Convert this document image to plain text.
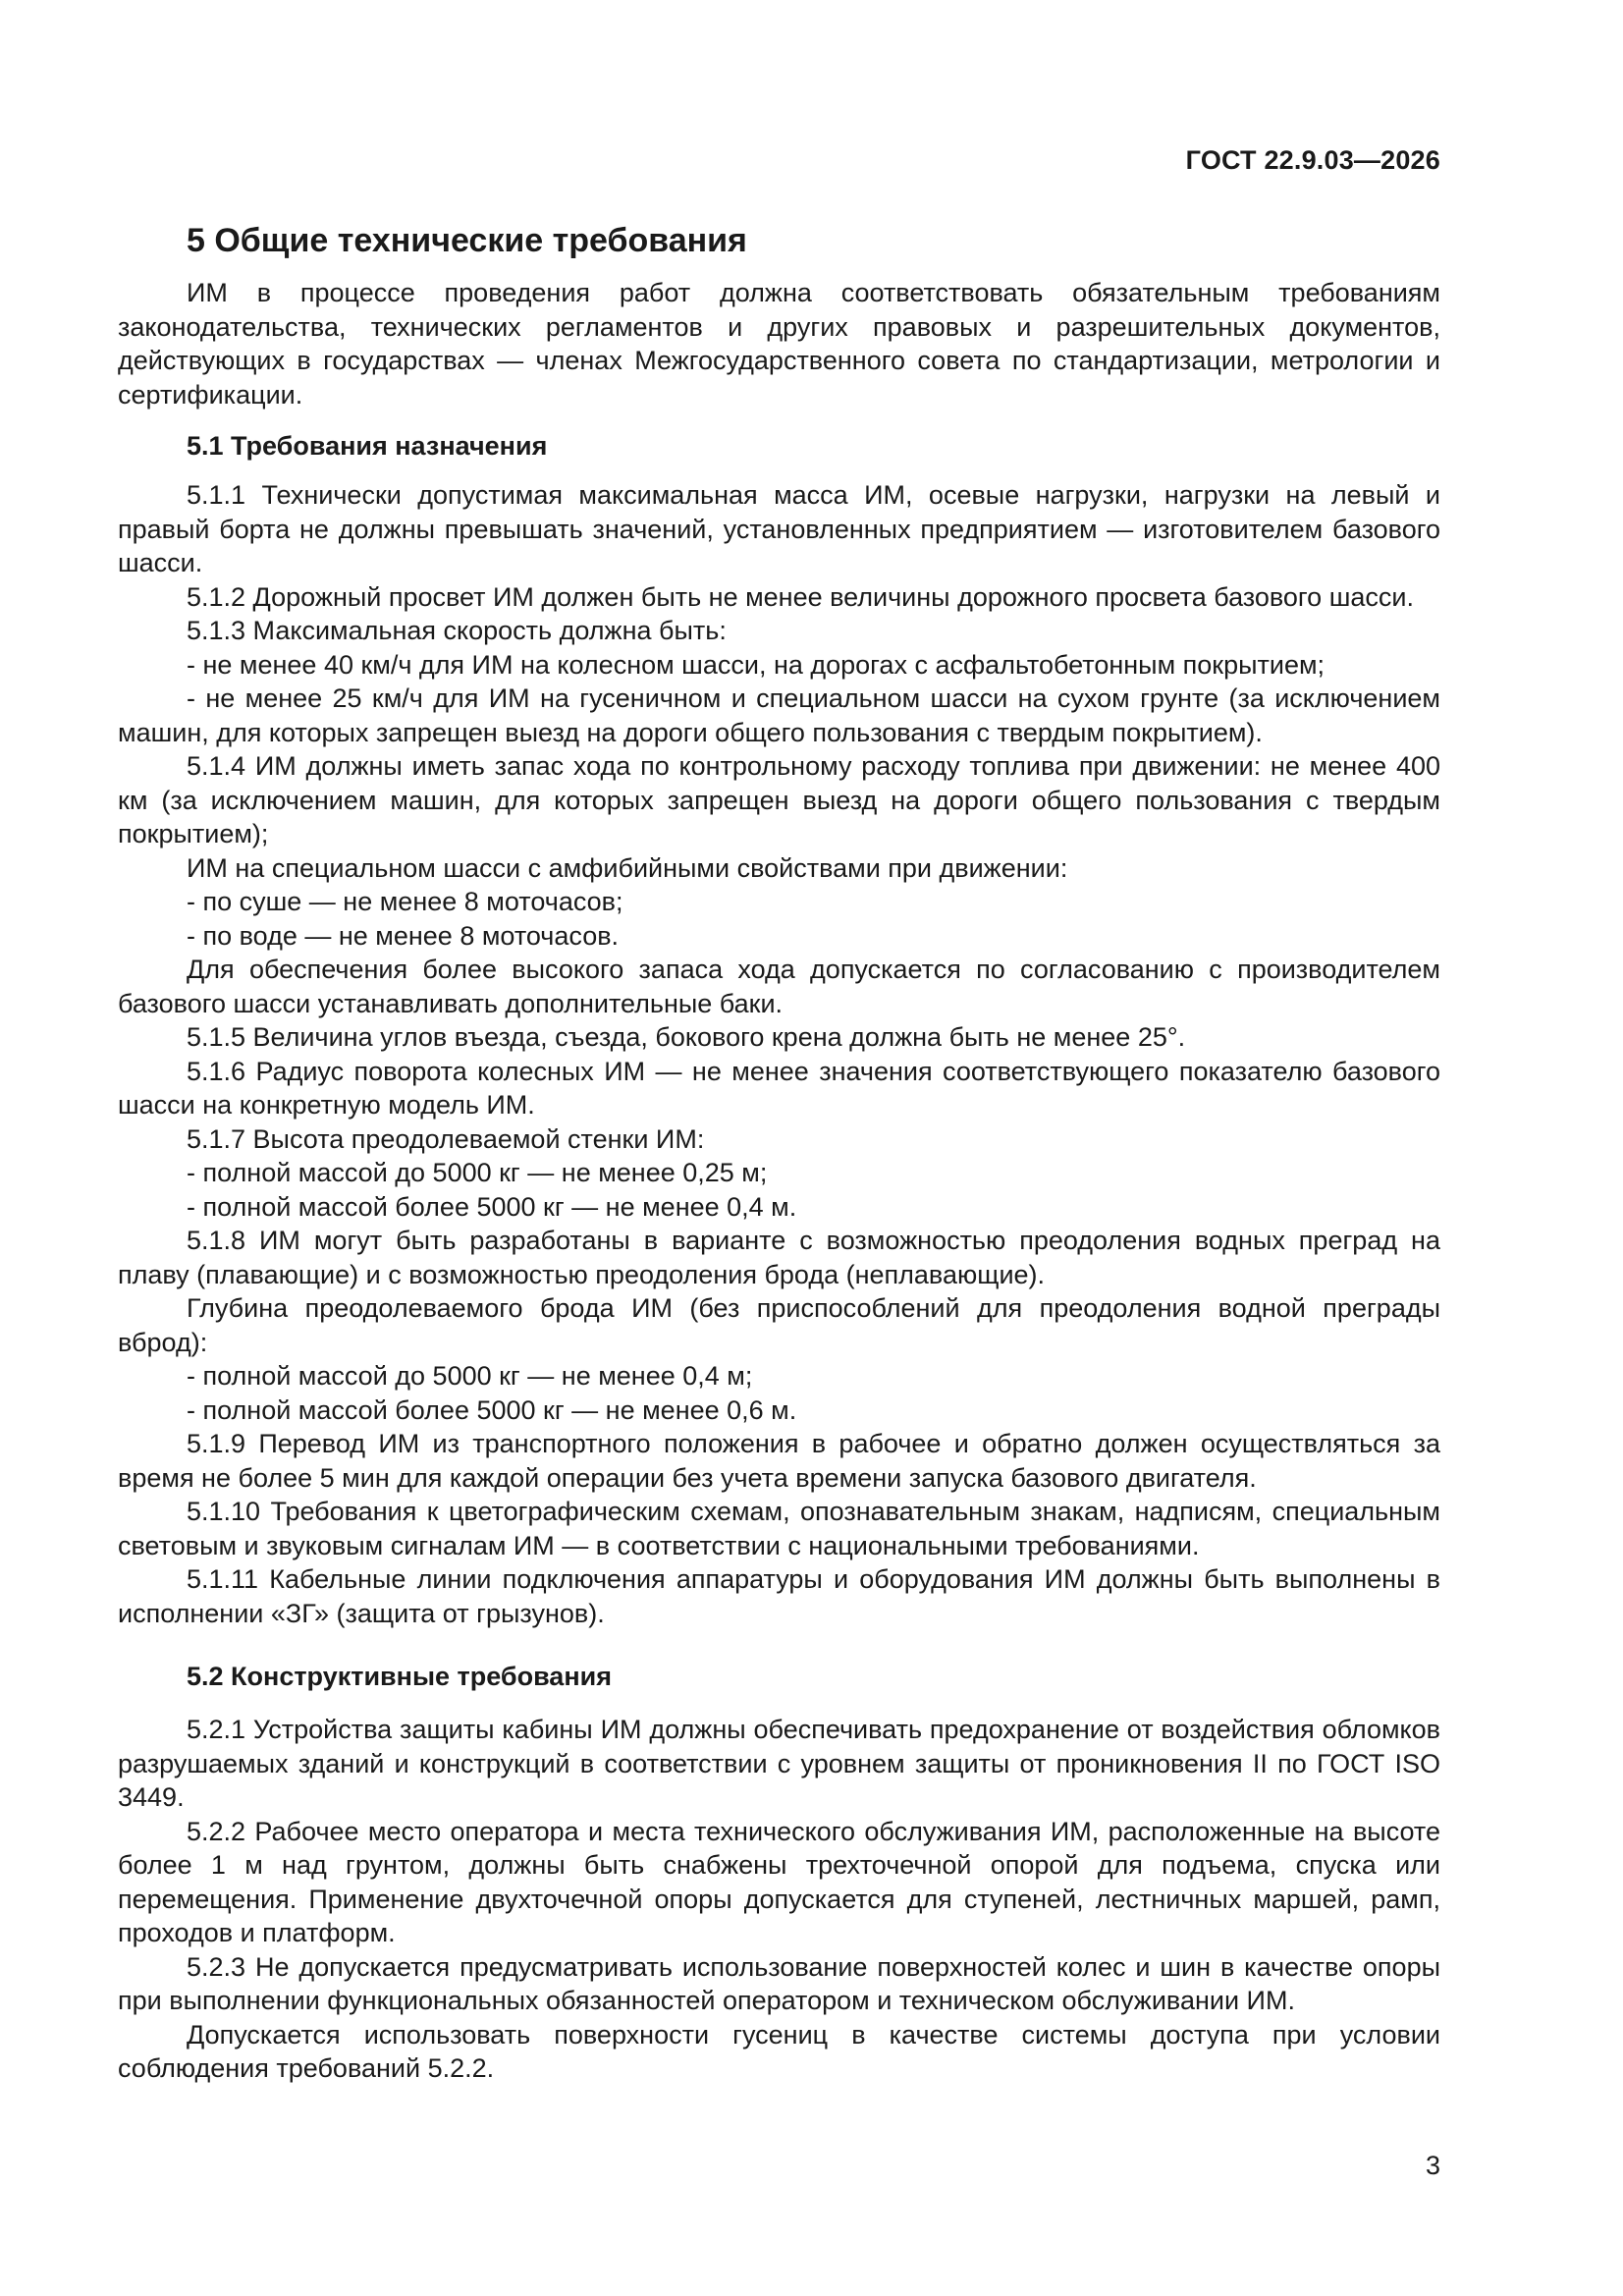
ГОСТ 22.9.03—2026
5 Общие технические требования

ИМ в процессе проведения работ должна соответствовать обязательным требованиям законодательства, технических регламентов и других правовых и разрешительных документов, действующих в государствах — членах Межгосударственного совета по стандартизации, метрологии и сертификации.

5.1 Требования назначения

5.1.1 Технически допустимая максимальная масса ИМ, осевые нагрузки, нагрузки на левый и правый борта не должны превышать значений, установленных предприятием — изготовителем базового шасси.

5.1.2 Дорожный просвет ИМ должен быть не менее величины дорожного просвета базового шасси.

5.1.3 Максимальная скорость должна быть:

- не менее 40 км/ч для ИМ на колесном шасси, на дорогах с асфальтобетонным покрытием;

- не менее 25 км/ч для ИМ на гусеничном и специальном шасси на сухом грунте (за исключением машин, для которых запрещен выезд на дороги общего пользования с твердым покрытием).

5.1.4 ИМ должны иметь запас хода по контрольному расходу топлива при движении: не менее 400 км (за исключением машин, для которых запрещен выезд на дороги общего пользования с твердым покрытием);

ИМ на специальном шасси с амфибийными свойствами при движении:

- по суше — не менее 8 моточасов;

- по воде — не менее 8 моточасов.

Для обеспечения более высокого запаса хода допускается по согласованию с производителем базового шасси устанавливать дополнительные баки.

5.1.5 Величина углов въезда, съезда, бокового крена должна быть не менее 25°.

5.1.6 Радиус поворота колесных ИМ — не менее значения соответствующего показателю базового шасси на конкретную модель ИМ.

5.1.7 Высота преодолеваемой стенки ИМ:

- полной массой до 5000 кг — не менее 0,25 м;

- полной массой более 5000 кг — не менее 0,4 м.

5.1.8 ИМ могут быть разработаны в варианте с возможностью преодоления водных преград на плаву (плавающие) и с возможностью преодоления брода (неплавающие).

Глубина преодолеваемого брода ИМ (без приспособлений для преодоления водной преграды вброд):

- полной массой до 5000 кг — не менее 0,4 м;

- полной массой более 5000 кг — не менее 0,6 м.

5.1.9 Перевод ИМ из транспортного положения в рабочее и обратно должен осуществляться за время не более 5 мин для каждой операции без учета времени запуска базового двигателя.

5.1.10 Требования к цветографическим схемам, опознавательным знакам, надписям, специальным световым и звуковым сигналам ИМ — в соответствии с национальными требованиями.

5.1.11 Кабельные линии подключения аппаратуры и оборудования ИМ должны быть выполнены в исполнении «ЗГ» (защита от грызунов).

5.2 Конструктивные требования

5.2.1 Устройства защиты кабины ИМ должны обеспечивать предохранение от воздействия обломков разрушаемых зданий и конструкций в соответствии с уровнем защиты от проникновения II по ГОСТ ISO 3449.

5.2.2 Рабочее место оператора и места технического обслуживания ИМ, расположенные на высоте более 1 м над грунтом, должны быть снабжены трехточечной опорой для подъема, спуска или перемещения. Применение двухточечной опоры допускается для ступеней, лестничных маршей, рамп, проходов и платформ.

5.2.3 Не допускается предусматривать использование поверхностей колес и шин в качестве опоры при выполнении функциональных обязанностей оператором и техническом обслуживании ИМ.

Допускается использовать поверхности гусениц в качестве системы доступа при условии соблюдения требований 5.2.2.

3
